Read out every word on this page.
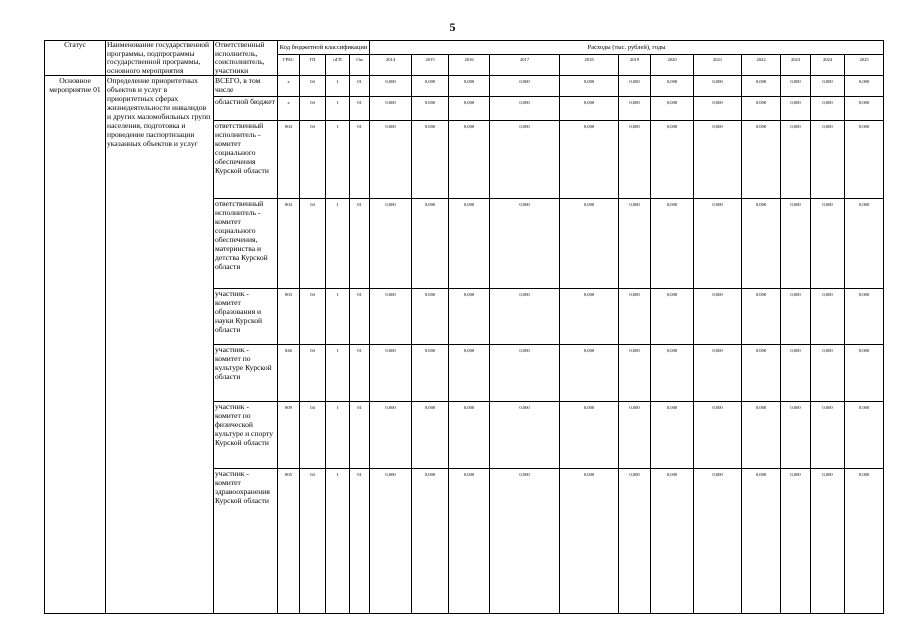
5
Статус	Наименование государственной программы, подпрограммы государственной программы, основного мероприятия	Ответственный исполнитель, соисполнитель, участники	Код бюджетной классификации				Расходы (тыс. рублей), годы											
			ГРБС	ГП	пГП	Ом	2014	2015	2016	2017	2018	2019	2020	2021	2022	2023	2024	2025
Основное мероприятие 01	Определение приоритетных объектов и услуг в приоритетных сферах жизнедеятельности инвалидов и других маломобильных групп населения, подготовка и проведение паспортизации указанных объектов и услуг	ВСЕГО, в том числе	x	04	1	01	0,000	0,000	0,000	0,000	0,000	0,000	0,000	0,000	0,000	0,000	0,000	0,000
		областной бюджет	x	04	1	01	0,000	0,000	0,000	0,000	0,000	0,000	0,000	0,000	0,000	0,000	0,000	0,000
		ответственный исполнитель - комитет социального обеспечения Курской области	804	04	1	01	0,000	0,000	0,000	0,000	0,000	0,000	0,000	0,000	0,000	0,000	0,000	0,000
		ответственный исполнитель - комитет социального обеспечения, материнства и детства Курской области	804	04	1	01	0,000	0,000	0,000	0,000	0,000	0,000	0,000	0,000	0,000	0,000	0,000	0,000
		участник - комитет образования и науки Курской области	803	04	1	01	0,000	0,000	0,000	0,000	0,000	0,000	0,000	0,000	0,000	0,000	0,000	0,000
		участник - комитет по культуре Курской области	846	04	1	01	0,000	0,000	0,000	0,000	0,000	0,000	0,000	0,000	0,000	0,000	0,000	0,000
		участник - комитет по физической культуре и спорту Курской области	809	04	1	01	0,000	0,000	0,000	0,000	0,000	0,000	0,000	0,000	0,000	0,000	0,000	0,000
		участник - комитет здравоохранения Курской области	805	04	1	01	0,000	0,000	0,000	0,000	0,000	0,000	0,000	0,000	0,000	0,000	0,000	0,000
